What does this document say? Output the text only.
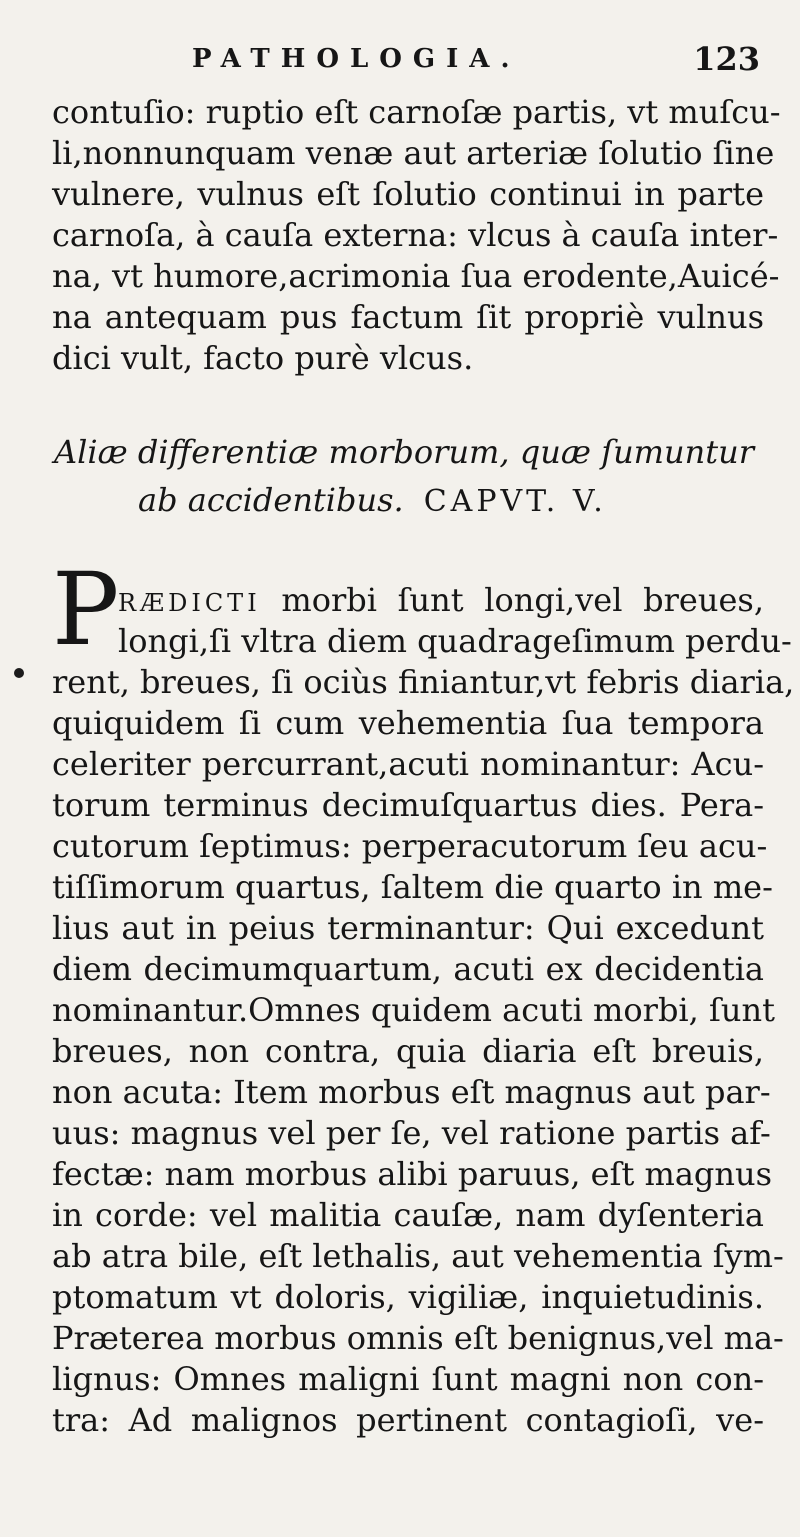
PATHOLOGIA.	123
contuſio: ruptio eſt carnoſæ partis, vt muſcu-
li,nonnunquam venæ aut arteriæ ſolutio ſine
vulnere, vulnus eſt ſolutio continui in parte
carnoſa, à cauſa externa: vlcus à cauſa inter-
na, vt humore,acrimonia ſua erodente,Auicé-
na antequam pus factum ſit propriè vulnus
dici vult, facto purè vlcus.
Aliæ differentiæ morborum, quæ ſumuntur
ab accidentibus. CAPVT. V.
P
RÆDICTI morbi ſunt longi,vel breues,
longi,ſi vltra diem quadrageſimum perdu-
rent, breues, ſi ociùs finiantur,vt febris diaria,
quiquidem ſi cum vehementia ſua tempora
celeriter percurrant,acuti nominantur: Acu-
torum terminus decimuſquartus dies. Pera-
cutorum ſeptimus: perperacutorum ſeu acu-
tiſſimorum quartus, ſaltem die quarto in me-
lius aut in peius terminantur: Qui excedunt
diem decimumquartum, acuti ex decidentia
nominantur.Omnes quidem acuti morbi, ſunt
breues, non contra, quia diaria eſt breuis,
non acuta: Item morbus eſt magnus aut par-
uus: magnus vel per ſe, vel ratione partis af-
fectæ: nam morbus alibi paruus, eſt magnus
in corde: vel malitia cauſæ, nam dyſenteria
ab atra bile, eſt lethalis, aut vehementia ſym-
ptomatum vt doloris, vigiliæ, inquietudinis.
Præterea morbus omnis eſt benignus,vel ma-
lignus: Omnes maligni ſunt magni non con-
tra: Ad malignos pertinent contagioſi, ve-
